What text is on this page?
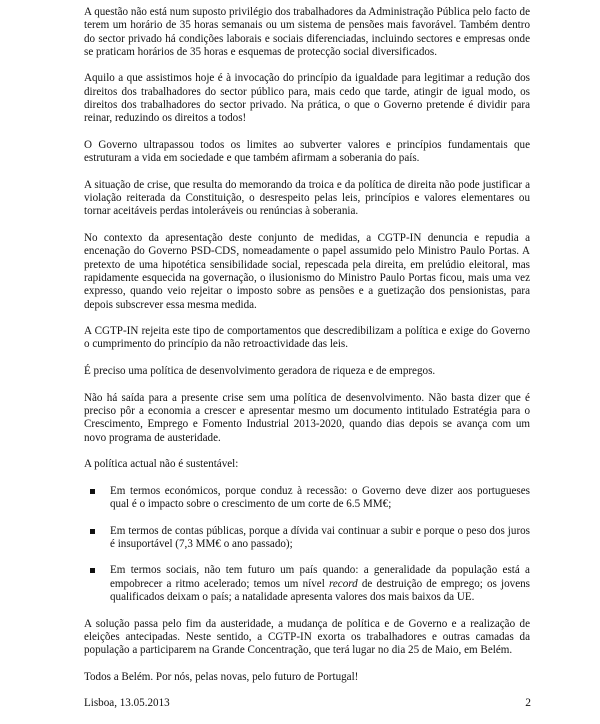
A questão não está num suposto privilégio dos trabalhadores da Administração Pública pelo facto de terem um horário de 35 horas semanais ou um sistema de pensões mais favorável. Também dentro do sector privado há condições laborais e sociais diferenciadas, incluindo sectores e empresas onde se praticam horários de 35 horas e esquemas de protecção social diversificados.

Aquilo a que assistimos hoje é à invocação do princípio da igualdade para legitimar a redução dos direitos dos trabalhadores do sector público para, mais cedo que tarde, atingir de igual modo, os direitos dos trabalhadores do sector privado. Na prática, o que o Governo pretende é dividir para reinar, reduzindo os direitos a todos!

O Governo ultrapassou todos os limites ao subverter valores e princípios fundamentais que estruturam a vida em sociedade e que também afirmam a soberania do país.

A situação de crise, que resulta do memorando da troica e da política de direita não pode justificar a violação reiterada da Constituição, o desrespeito pelas leis, princípios e valores elementares ou tornar aceitáveis perdas intoleráveis ou renúncias à soberania.

No contexto da apresentação deste conjunto de medidas, a CGTP-IN denuncia e repudia a encenação do Governo PSD-CDS, nomeadamente o papel assumido pelo Ministro Paulo Portas. A pretexto de uma hipotética sensibilidade social, repescada pela direita, em prelúdio eleitoral, mas rapidamente esquecida na governação, o ilusionismo do Ministro Paulo Portas ficou, mais uma vez expresso, quando veio rejeitar o imposto sobre as pensões e a guetização dos pensionistas, para depois subscrever essa mesma medida.

A CGTP-IN rejeita este tipo de comportamentos que descredibilizam a política e exige do Governo o cumprimento do princípio da não retroactividade das leis.

É preciso uma política de desenvolvimento geradora de riqueza e de empregos.

Não há saída para a presente crise sem uma política de desenvolvimento. Não basta dizer que é preciso pôr a economia a crescer e apresentar mesmo um documento intitulado Estratégia para o Crescimento, Emprego e Fomento Industrial 2013-2020, quando dias depois se avança com um novo programa de austeridade.

A política actual não é sustentável:

Em termos económicos, porque conduz à recessão: o Governo deve dizer aos portugueses qual é o impacto sobre o crescimento de um corte de 6.5 MM€;
Em termos de contas públicas, porque a dívida vai continuar a subir e porque o peso dos juros é insuportável (7,3 MM€ o ano passado);
Em termos sociais, não tem futuro um país quando: a generalidade da população está a empobrecer a ritmo acelerado; temos um nível record de destruição de emprego; os jovens qualificados deixam o país; a natalidade apresenta valores dos mais baixos da UE.

A solução passa pelo fim da austeridade, a mudança de política e de Governo e a realização de eleições antecipadas. Neste sentido, a CGTP-IN exorta os trabalhadores e outras camadas da população a participarem na Grande Concentração, que terá lugar no dia 25 de Maio, em Belém.

Todos a Belém. Por nós, pelas novas, pelo futuro de Portugal!

Lisboa, 13.05.2013	2
